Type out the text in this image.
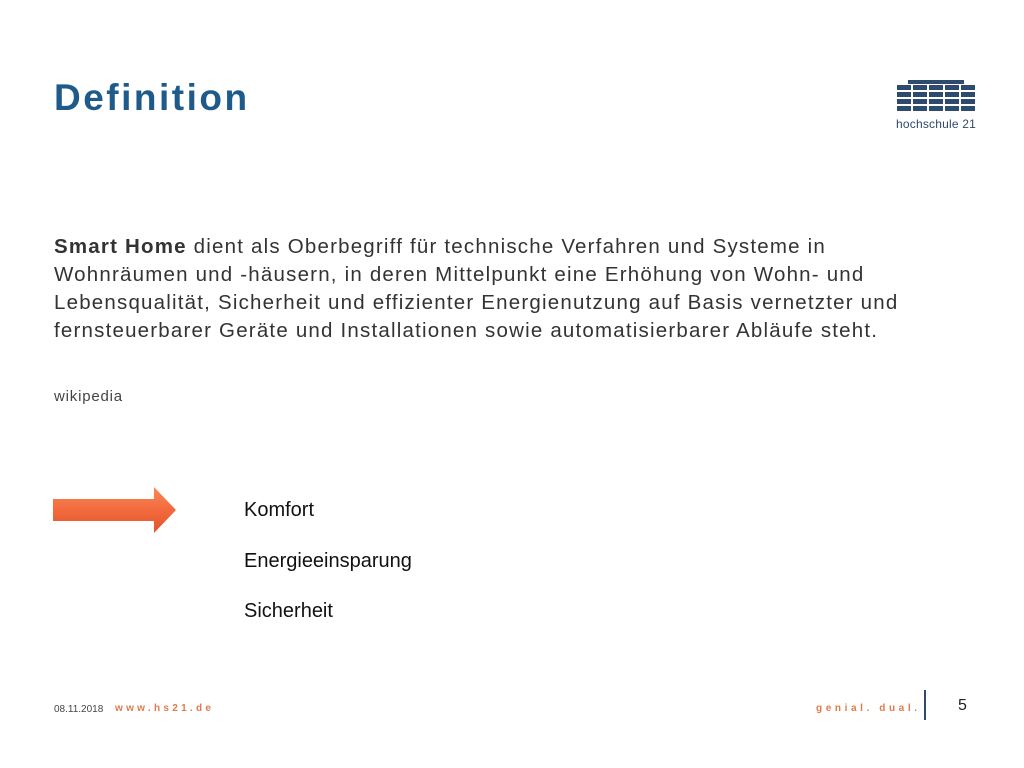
Definition
hochschule 21

Smart Home dient als Oberbegriff für technische Verfahren und Systeme in Wohnräumen und -häusern, in deren Mittelpunkt eine Erhöhung von Wohn- und Lebensqualität, Sicherheit und effizienter Energienutzung auf Basis vernetzter und fernsteuerbarer Geräte und Installationen sowie automatisierbarer Abläufe steht.

wikipedia

Komfort
Energieeinsparung
Sicherheit
08.11.2018 www.hs21.de	genial. dual. 5
